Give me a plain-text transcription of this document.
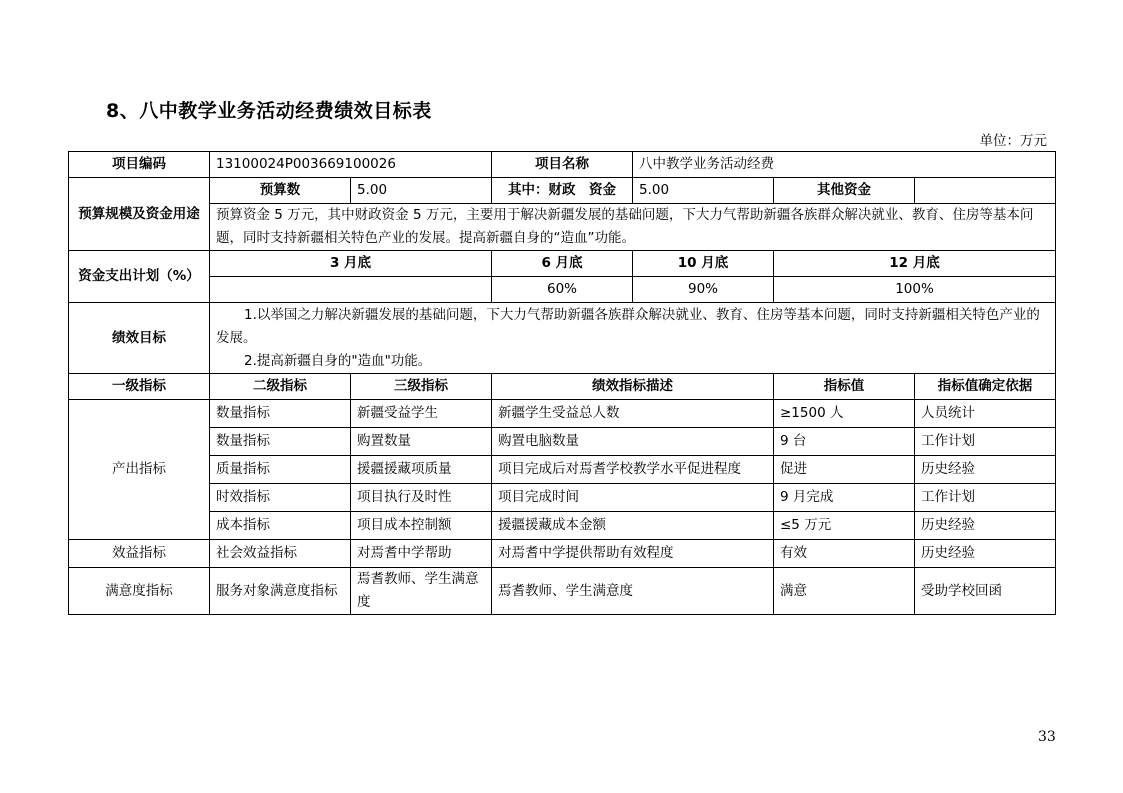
8、八中教学业务活动经费绩效目标表
单位：万元
项目编码	13100024P003669100026		项目名称	八中教学业务活动经费		
预算规模及资金用途	预算数	5.00	其中：财政　资金	5.00	其他资金	
	预算资金 5 万元，其中财政资金 5 万元，主要用于解决新疆发展的基础问题，下大力气帮助新疆各族群众解决就业、教育、住房等基本问题，同时支持新疆相关特色产业的发展。提高新疆自身的“造血”功能。					
资金支出计划（%）	3 月底		6 月底	10 月底	12 月底	
			60%	90%	100%	
绩效目标	1.以举国之力解决新疆发展的基础问题，下大力气帮助新疆各族群众解决就业、教育、住房等基本问题，同时支持新疆相关特色产业的发展。
2.提高新疆自身的"造血"功能。					
一级指标	二级指标	三级指标	绩效指标描述		指标值	指标值确定依据
产出指标	数量指标	新疆受益学生	新疆学生受益总人数		≥1500 人	人员统计
	数量指标	购置数量	购置电脑数量		9 台	工作计划
	质量指标	援疆援藏项质量	项目完成后对焉耆学校教学水平促进程度		促进	历史经验
	时效指标	项目执行及时性	项目完成时间		9 月完成	工作计划
	成本指标	项目成本控制额	援疆援藏成本金额		≤5 万元	历史经验
效益指标	社会效益指标	对焉耆中学帮助	对焉耆中学提供帮助有效程度		有效	历史经验
满意度指标	服务对象满意度指标	焉耆教师、学生满意度	焉耆教师、学生满意度		满意	受助学校回函
33
